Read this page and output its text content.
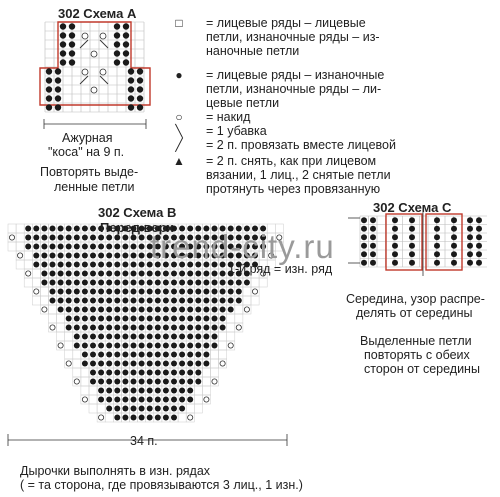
302 Схема А
Ажурная
"коса" на 9 п.
Повторять выде-
ленные петли
□ = лицевые ряды – лицевые
петли, изнаночные ряды – из-
наночные петли
● = лицевые ряды – изнаночные
петли, изнаночные ряды – ли-
цевые петли
○ = накид
╲ = 1 убавка
╱ = 2 п. провязать вместе лицевой
▲ = 2 п. снять, как при лицевом
вязании, 1 лиц., 2 снятые петли
протянуть через провязанную
302 Схема В
Перед верх
34 п.
Дырочки выполнять в изн. рядах
( = та сторона, где провязываются 3 лиц., 1 изн.)
302 Схема С
1-й ряд = изн. ряд
Середина, узор распре-
делять от середины
Выделенные петли
повторять с обеих
сторон от середины
trend-city.ru
